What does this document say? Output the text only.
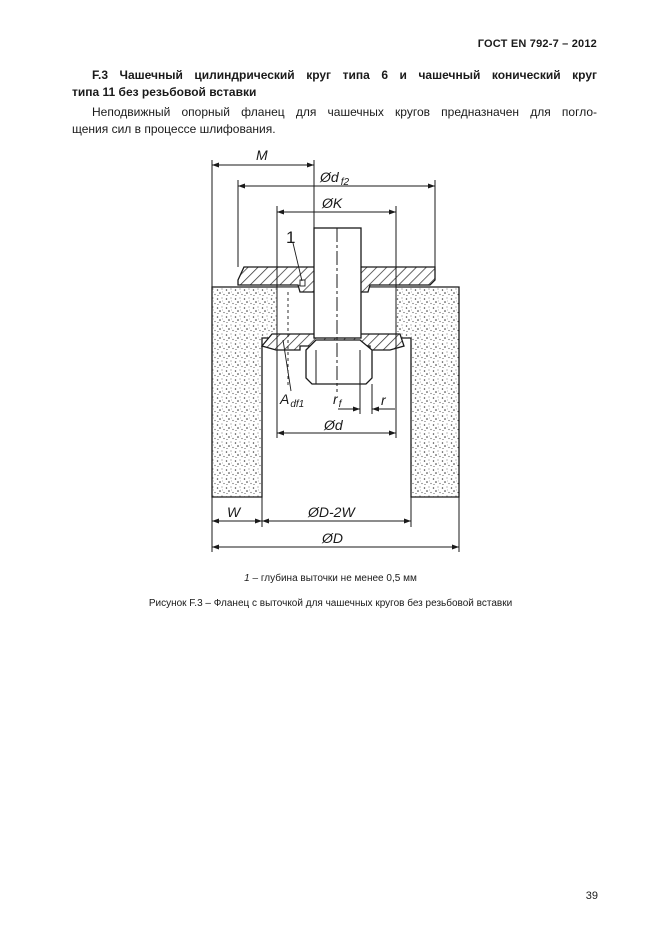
ГОСТ EN 792-7 – 2012
F.3 Чашечный цилиндрический круг типа 6 и чашечный конический круг
типа 11 без резьбовой вставки
Неподвижный опорный фланец для чашечных кругов предназначен для погло-
щения сил в процессе шлифования.
M
Ød $_{f2}$
ØK
1
$A_{df1}$ $r_f$	r
Ød
W	ØD-2W
ØD
1 – глубина выточки не менее 0,5 мм
Рисунок F.3 – Фланец с выточкой для чашечных кругов без резьбовой вставки
39
